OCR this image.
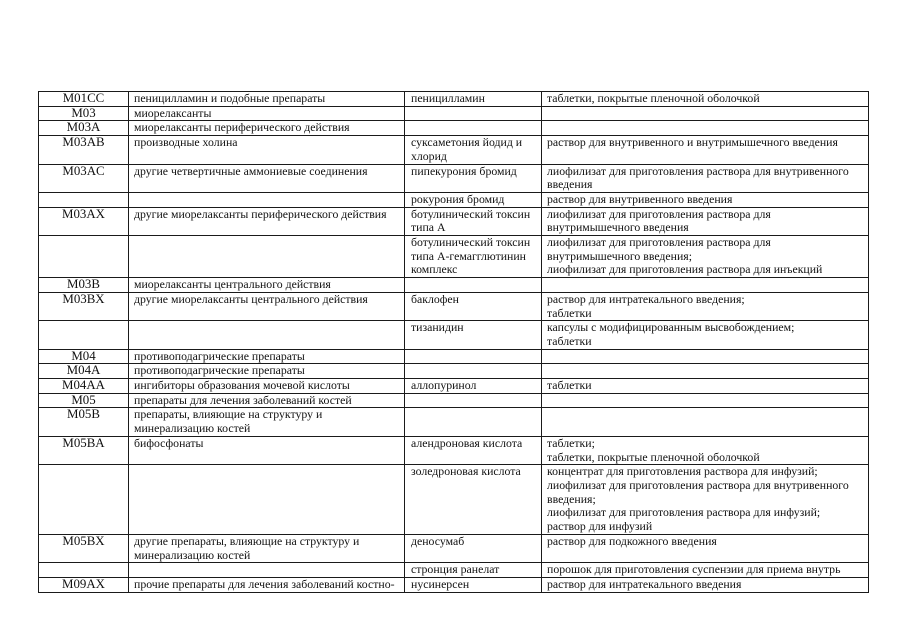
M01CC	пеницилламин и подобные препараты	пеницилламин	таблетки, покрытые пленочной оболочкой

M03	миорелаксанты		
M03A	миорелаксанты периферического действия		
M03AB	производные холина	суксаметония йодид и хлорид	раствор для внутривенного и внутримышечного введения

M03AC	другие четвертичные аммониевые соединения	пипекурония бромид	лиофилизат для приготовления раствора для внутривенного введения

		рокурония бромид	раствор для внутривенного введения

M03AX	другие миорелаксанты периферического действия	ботулинический токсин типа А	лиофилизат для приготовления раствора для внутримышечного введения

		ботулинический токсин типа А-гемагглютинин комплекс	лиофилизат для приготовления раствора для внутримышечного введения;
лиофилизат для приготовления раствора для инъекций

M03B	миорелаксанты центрального действия		
M03BX	другие миорелаксанты центрального действия	баклофен	раствор для интратекального введения;
таблетки

		тизанидин	капсулы с модифицированным высвобождением;
таблетки

M04	противоподагрические препараты		
M04A	противоподагрические препараты		
M04AA	ингибиторы образования мочевой кислоты	аллопуринол	таблетки

M05	препараты для лечения заболеваний костей		
M05B	препараты, влияющие на структуру и минерализацию костей		
M05BA	бифосфонаты	алендроновая кислота	таблетки;
таблетки, покрытые пленочной оболочкой

		золедроновая кислота	концентрат для приготовления раствора для инфузий;
лиофилизат для приготовления раствора для внутривенного введения;
лиофилизат для приготовления раствора для инфузий;
раствор для инфузий

M05BX	другие препараты, влияющие на структуру и минерализацию костей	деносумаб	раствор для подкожного введения

		стронция ранелат	порошок для приготовления суспензии для приема внутрь

M09AX	прочие препараты для лечения заболеваний костно-	нусинерсен	раствор для интратекального введения
